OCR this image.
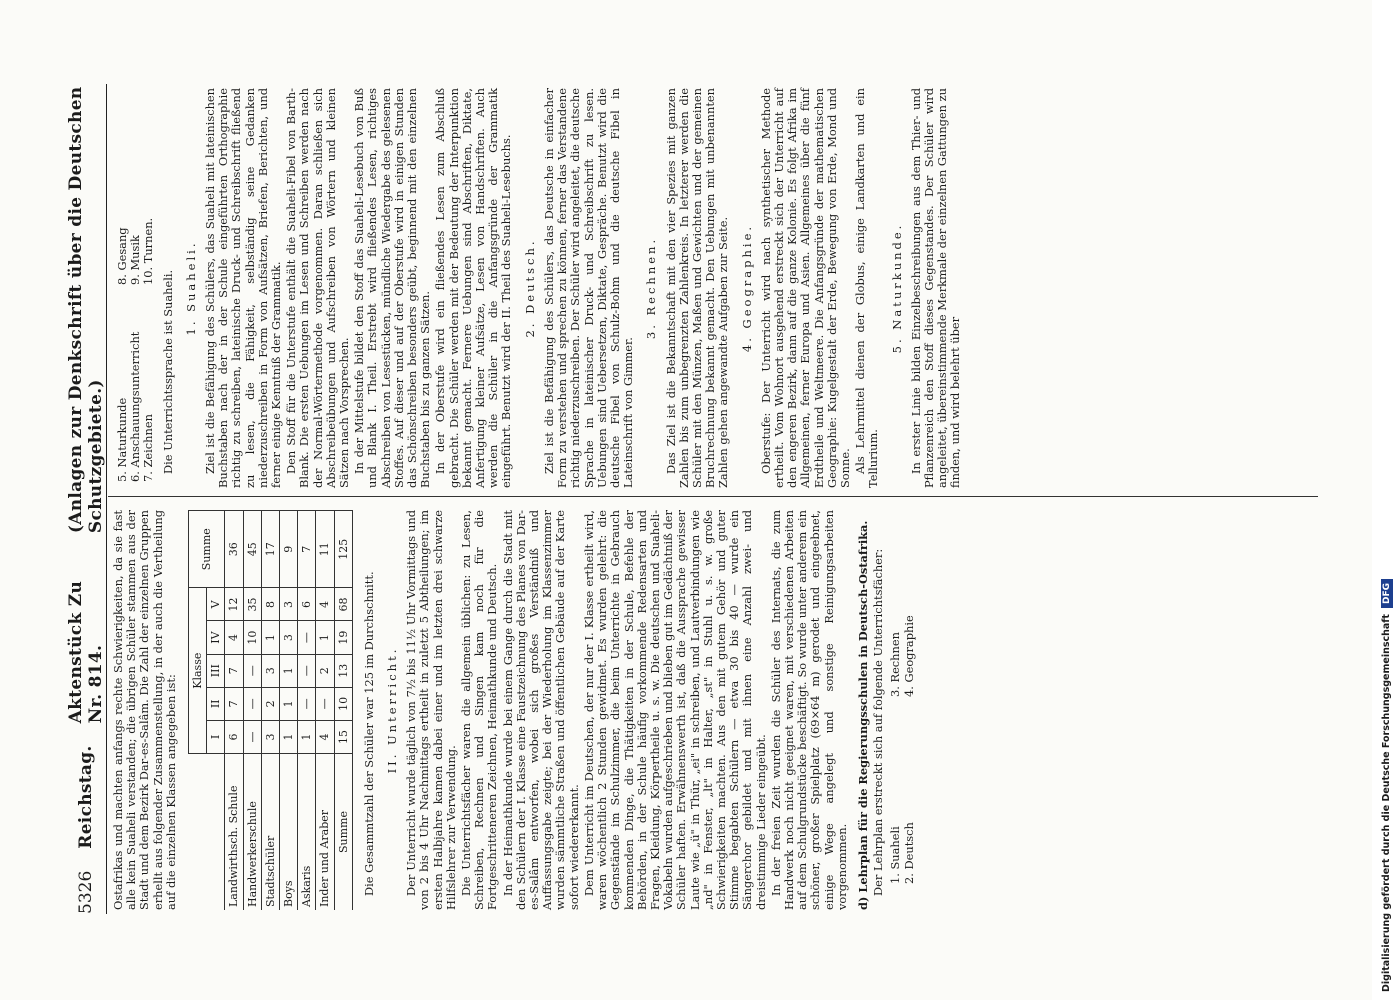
5326
Reichstag.
Aktenstück Zu Nr. 814.
(Anlagen zur Denkschrift über die Deutschen Schutzgebiete.)

Ostafrikas und machten anfangs rechte Schwierigkeiten, da sie fast alle kein Suaheli verstanden; die übrigen Schüler stammen aus der Stadt und dem Bezirk Dar-es-Salâm. Die Zahl der einzelnen Gruppen erhellt aus folgender Zusammenstellung, in der auch die Vertheilung auf die einzelnen Klassen angegeben ist:

	Klasse					Summe
	I	II	III	IV	V	
Landwirthsch. Schule	6	7	7	4	12	36
Handwerkerschule	—	—	—	10	35	45
Stadtschüler	3	2	3	1	8	17
Boys	1	1	1	3	3	9
Askaris	1	—	—	—	6	7
Inder und Araber	4	—	2	1	4	11
Summe	15	10	13	19	68	125

Die Gesammtzahl der Schüler war 125 im Durchschnitt. II. Unterricht. Der Unterricht wurde täglich von 7½ bis 11½ Uhr Vormittags und von 2 bis 4 Uhr Nachmittags ertheilt in zuletzt 5 Abtheilungen; im ersten Halbjahre kamen dabei einer und im letzten drei schwarze Hilfslehrer zur Verwendung. Die Unterrichtsfächer waren die allgemein üblichen: zu Lesen, Schreiben, Rechnen und Singen kam noch für die Fortgeschritteneren Zeichnen, Heimathkunde und Deutsch. In der Heimathkunde wurde bei einem Gange durch die Stadt mit den Schülern der I. Klasse eine Faustzeichnung des Planes von Dar-es-Salâm entworfen, wobei sich großes Verständniß und Auffassungsgabe zeigte; bei der Wiederholung im Klassenzimmer wurden sämmtliche Straßen und öffentlichen Gebäude auf der Karte sofort wiedererkannt. Dem Unterricht im Deutschen, der nur der I. Klasse ertheilt wird, waren wöchentlich 2 Stunden gewidmet. Es wurden gelehrt: die Gegenstände im Schulzimmer, die beim Unterrichte in Gebrauch kommenden Dinge, die Thätigkeiten in der Schule, Befehle der Behörden, in der Schule häufig vorkommende Redensarten und Fragen, Kleidung, Körpertheile u. s. w. Die deutschen und Suaheli-Vokabeln wurden aufgeschrieben und blieben gut im Gedächtniß der Schüler haften. Erwähnenswerth ist, daß die Aussprache gewisser Laute wie „ü" in Thür, „ei" in schreiben, und Lautverbindungen wie „nd" in Fenster, „lt" in Halter, „st" in Stuhl u. s. w. große Schwierigkeiten machten. Aus den mit gutem Gehör und guter Stimme begabten Schülern — etwa 30 bis 40 — wurde ein Sängerchor gebildet und mit ihnen eine Anzahl zwei- und dreistimmige Lieder eingeübt. In der freien Zeit wurden die Schüler des Internats, die zum Handwerk noch nicht geeignet waren, mit verschiedenen Arbeiten auf dem Schulgrundstücke beschäftigt. So wurde unter anderem ein schöner, großer Spielplatz (69×64 m) gerodet und eingeebnet, einige Wege angelegt und sonstige Reinigungsarbeiten vorgenommen. d) Lehrplan für die Regierungsschulen in Deutsch-Ostafrika. Der Lehrplan erstreckt sich auf folgende Unterrichtsfächer: 1. Suaheli
3. Rechnen
2. Deutsch
4. Geographie
5. Naturkunde
8. Gesang
6. Anschauungsunterricht
9. Musik
7. Zeichnen
10. Turnen.

Die Unterrichtssprache ist Suaheli. 1. Suaheli. Ziel ist die Befähigung des Schülers, das Suaheli mit lateinischen Buchstaben nach der in der Schule eingeführten Orthographie richtig zu schreiben, lateinische Druck- und Schreibschrift fließend zu lesen, die Fähigkeit, selbständig seine Gedanken niederzuschreiben in Form von Aufsätzen, Briefen, Berichten, und ferner einige Kenntniß der Grammatik. Den Stoff für die Unterstufe enthält die Suaheli-Fibel von Barth-Blank. Die ersten Uebungen im Lesen und Schreiben werden nach der Normal-Wörtermethode vorgenommen. Daran schließen sich Abschreibeübungen und Aufschreiben von Wörtern und kleinen Sätzen nach Vorsprechen. In der Mittelstufe bildet den Stoff das Suaheli-Lesebuch von Buß und Blank I. Theil. Erstrebt wird fließendes Lesen, richtiges Abschreiben von Lesestücken, mündliche Wiedergabe des gelesenen Stoffes. Auf dieser und auf der Oberstufe wird in einigen Stunden das Schönschreiben besonders geübt, beginnend mit den einzelnen Buchstaben bis zu ganzen Sätzen. In der Oberstufe wird ein fließendes Lesen zum Abschluß gebracht. Die Schüler werden mit der Bedeutung der Interpunktion bekannt gemacht. Fernere Uebungen sind Abschriften, Diktate, Anfertigung kleiner Aufsätze, Lesen von Handschriften. Auch werden die Schüler in die Anfangsgründe der Grammatik eingeführt. Benutzt wird der II. Theil des Suaheli-Lesebuchs. 2. Deutsch. Ziel ist die Befähigung des Schülers, das Deutsche in einfacher Form zu verstehen und sprechen zu können, ferner das Verstandene richtig niederzuschreiben. Der Schüler wird angeleitet, die deutsche Sprache in lateinischer Druck- und Schreibschrift zu lesen. Uebungen sind Uebersetzen, Diktate, Gespräche. Benutzt wird die deutsche Fibel von Schulz-Bohm und die deutsche Fibel in Lateinschrift von Gimmer.

3. Rechnen. Das Ziel ist die Bekanntschaft mit den vier Spezies mit ganzen Zahlen bis zum unbegrenzten Zahlenkreis. In letzterer werden die Schüler mit den Münzen, Maßen und Gewichten und der gemeinen Bruchrechnung bekannt gemacht. Den Uebungen mit unbenannten Zahlen gehen angewandte Aufgaben zur Seite. 4. Geographie. Oberstufe: Der Unterricht wird nach synthetischer Methode ertheilt. Vom Wohnort ausgehend erstreckt sich der Unterricht auf den engeren Bezirk, dann auf die ganze Kolonie. Es folgt Afrika im Allgemeinen, ferner Europa und Asien. Allgemeines über die fünf Erdtheile und Weltmeere. Die Anfangsgründe der mathematischen Geographie: Kugelgestalt der Erde, Bewegung von Erde, Mond und Sonne. Als Lehrmittel dienen der Globus, einige Landkarten und ein Tellurium.

5. Naturkunde. In erster Linie bilden Einzelbeschreibungen aus dem Thier- und Pflanzenreich den Stoff dieses Gegenstandes. Der Schüler wird angeleitet, übereinstimmende Merkmale der einzelnen Gattungen zu finden, und wird belehrt über

Digitalisierung gefördert durch die Deutsche Forschungsgemeinschaft
DFG
